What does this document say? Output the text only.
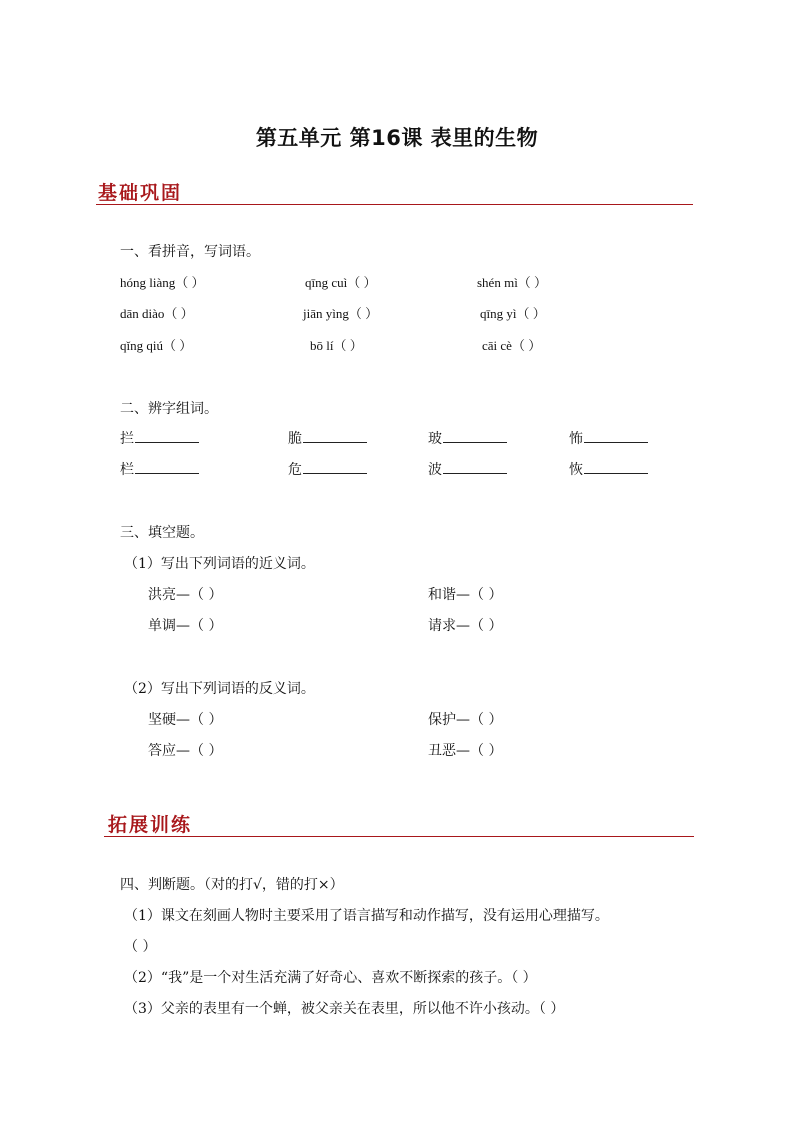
第五单元 第16课 表里的生物
基础巩固
一、看拼音，写词语。
hóng liàng（ ）	qīng cuì（ ）	shén mì（ ）
dān diào（ ）	jiān yìng（ ）	qīng yì（ ）
qǐng qiú（ ）	bō lí（ ）	cāi cè（ ）
二、辨字组词。
拦	脆	玻	怖
栏	危	波	恢
三、填空题。
（1）写出下列词语的近义词。
洪亮—（ ）	和谐—（ ）
单调—（ ）	请求—（ ）
（2）写出下列词语的反义词。
坚硬—（ ）	保护—（ ）
答应—（ ）	丑恶—（ ）
拓展训练
四、判断题。（对的打√，错的打×）
（1）课文在刻画人物时主要采用了语言描写和动作描写，没有运用心理描写。
（ ）
（2）“我”是一个对生活充满了好奇心、喜欢不断探索的孩子。（ ）
（3）父亲的表里有一个蝉，被父亲关在表里，所以他不许小孩动。（ ）
